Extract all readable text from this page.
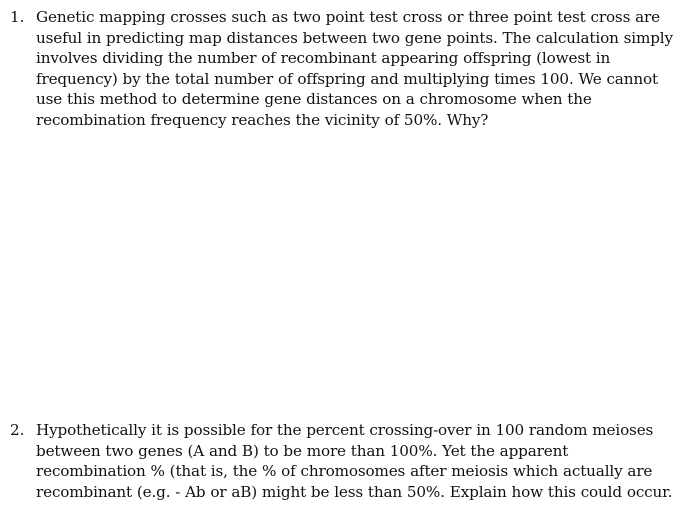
1. Genetic mapping crosses such as two point test cross or three point test cross are
useful in predicting map distances between two gene points. The calculation simply
involves dividing the number of recombinant appearing offspring (lowest in
frequency) by the total number of offspring and multiplying times 100. We cannot
use this method to determine gene distances on a chromosome when the
recombination frequency reaches the vicinity of 50%. Why?
2. Hypothetically it is possible for the percent crossing-over in 100 random meioses
between two genes (A and B) to be more than 100%. Yet the apparent
recombination % (that is, the % of chromosomes after meiosis which actually are
recombinant (e.g. - Ab or aB) might be less than 50%. Explain how this could occur.
